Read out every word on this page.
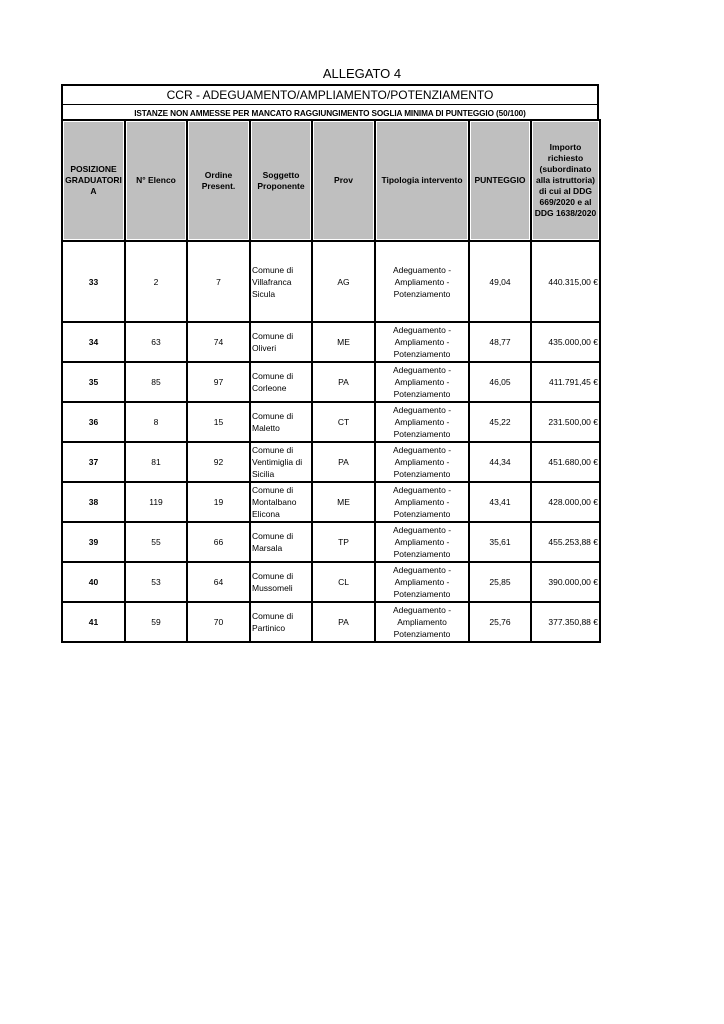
ALLEGATO 4
CCR - ADEGUAMENTO/AMPLIAMENTO/POTENZIAMENTO
ISTANZE NON AMMESSE PER MANCATO RAGGIUNGIMENTO SOGLIA MINIMA DI PUNTEGGIO (50/100)
POSIZIONE GRADUATORI A	N° Elenco	Ordine Present.	Soggetto Proponente	Prov	Tipologia intervento	PUNTEGGIO	Importo richiesto (subordinato alla istruttoria) di cui al DDG 669/2020 e al DDG 1638/2020
33	2	7	Comune di Villafranca Sicula	AG	Adeguamento - Ampliamento - Potenziamento	49,04	440.315,00 €
34	63	74	Comune di Oliveri	ME	Adeguamento - Ampliamento - Potenziamento	48,77	435.000,00 €
35	85	97	Comune di Corleone	PA	Adeguamento - Ampliamento - Potenziamento	46,05	411.791,45 €
36	8	15	Comune di Maletto	CT	Adeguamento - Ampliamento - Potenziamento	45,22	231.500,00 €
37	81	92	Comune di Ventimiglia di Sicilia	PA	Adeguamento - Ampliamento - Potenziamento	44,34	451.680,00 €
38	119	19	Comune di Montalbano Elicona	ME	Adeguamento - Ampliamento - Potenziamento	43,41	428.000,00 €
39	55	66	Comune di Marsala	TP	Adeguamento - Ampliamento - Potenziamento	35,61	455.253,88 €
40	53	64	Comune di Mussomeli	CL	Adeguamento - Ampliamento - Potenziamento	25,85	390.000,00 €
41	59	70	Comune di Partinico	PA	Adeguamento - Ampliamento Potenziamento	25,76	377.350,88 €
